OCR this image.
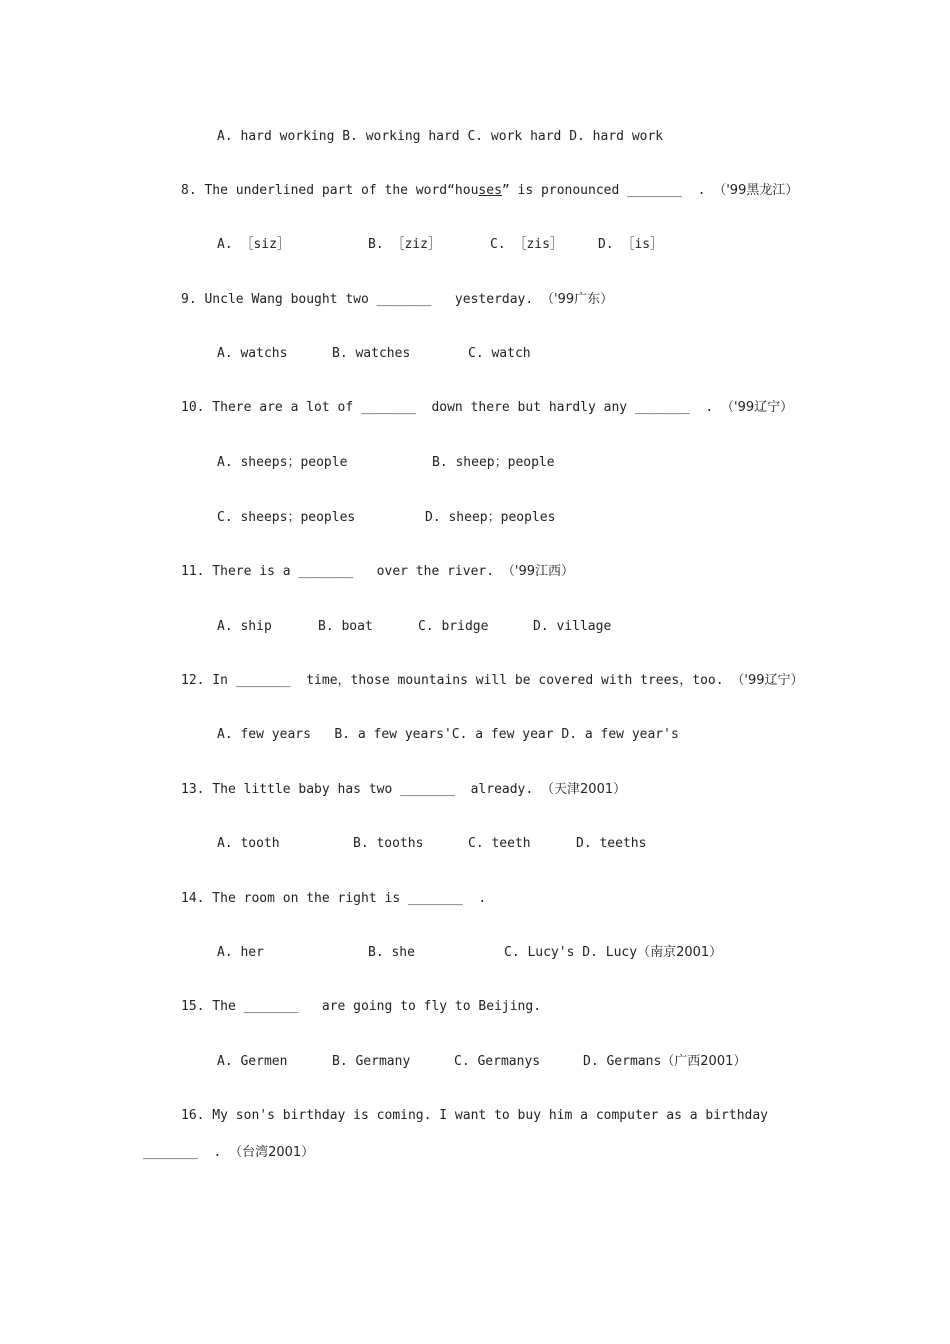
A. hard working B. working hard C. work hard D. hard work
8. The underlined part of the word“houses” is pronounced _______  . （'99黑龙江）
A. ［siz］	B. ［ziz］	C. ［zis］	D. ［is］
9. Uncle Wang bought two _______   yesterday. （'99广东）
A. watchs	B. watches	C. watch
10. There are a lot of _______  down there but hardly any _______  . （'99辽宁）
A. sheeps；people	B. sheep；people
C. sheeps；peoples	D. sheep；peoples
11. There is a _______   over the river. （'99江西）
A. ship	B. boat	C. bridge	D. village
12. In _______  time，those mountains will be covered with trees，too. （'99辽宁）
A. few years   B. a few years'C. a few year D. a few year's
13. The little baby has two _______  already. （天津2001）
A. tooth	B. tooths	C. teeth	D. teeths
14. The room on the right is _______  .
A. her	B. she	C. Lucy's D. Lucy（南京2001）
15. The _______   are going to fly to Beijing.
A. Germen	B. Germany	C. Germanys	D. Germans（广西2001）
16. My son's birthday is coming. I want to buy him a computer as a birthday
_______  . （台湾2001）
